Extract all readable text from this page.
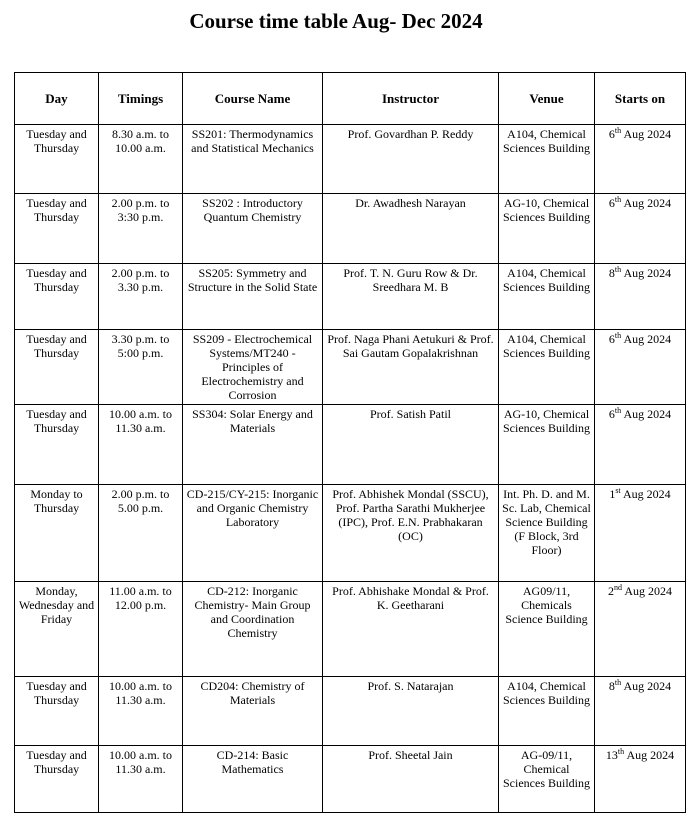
Course time table Aug- Dec 2024
Day	Timings	Course Name	Instructor	Venue	Starts on
Tuesday and Thursday	8.30 a.m. to 10.00 a.m.	SS201: Thermodynamics and Statistical Mechanics	Prof. Govardhan P. Reddy	A104, Chemical Sciences Building	6th Aug 2024
Tuesday and Thursday	2.00 p.m. to 3:30 p.m.	SS202 : Introductory Quantum Chemistry	Dr. Awadhesh Narayan	AG-10, Chemical Sciences Building	6th Aug 2024
Tuesday and Thursday	2.00 p.m. to 3.30 p.m.	SS205: Symmetry and Structure in the Solid State	Prof. T. N. Guru Row & Dr. Sreedhara M. B	A104, Chemical Sciences Building	8th Aug 2024
Tuesday and Thursday	3.30 p.m. to 5:00 p.m.	SS209 - Electrochemical Systems/MT240 - Principles of Electrochemistry and Corrosion	Prof. Naga Phani Aetukuri & Prof. Sai Gautam Gopalakrishnan	A104, Chemical Sciences Building	6th Aug 2024
Tuesday and Thursday	10.00 a.m. to 11.30 a.m.	SS304: Solar Energy and Materials	Prof. Satish Patil	AG-10, Chemical Sciences Building	6th Aug 2024
Monday to Thursday	2.00 p.m. to 5.00 p.m.	CD-215/CY-215: Inorganic and Organic Chemistry Laboratory	Prof. Abhishek Mondal (SSCU), Prof. Partha Sarathi Mukherjee (IPC), Prof. E.N. Prabhakaran (OC)	Int. Ph. D. and M. Sc. Lab, Chemical Science Building (F Block, 3rd Floor)	1st Aug 2024
Monday, Wednesday and Friday	11.00 a.m. to 12.00 p.m.	CD-212: Inorganic Chemistry- Main Group and Coordination Chemistry	Prof. Abhishake Mondal & Prof. K. Geetharani	AG09/11, Chemicals Science Building	2nd Aug 2024
Tuesday and Thursday	10.00 a.m. to 11.30 a.m.	CD204: Chemistry of Materials	Prof. S. Natarajan	A104, Chemical Sciences Building	8th Aug 2024
Tuesday and Thursday	10.00 a.m. to 11.30 a.m.	CD-214: Basic Mathematics	Prof. Sheetal Jain	AG-09/11, Chemical Sciences Building	13th Aug 2024
